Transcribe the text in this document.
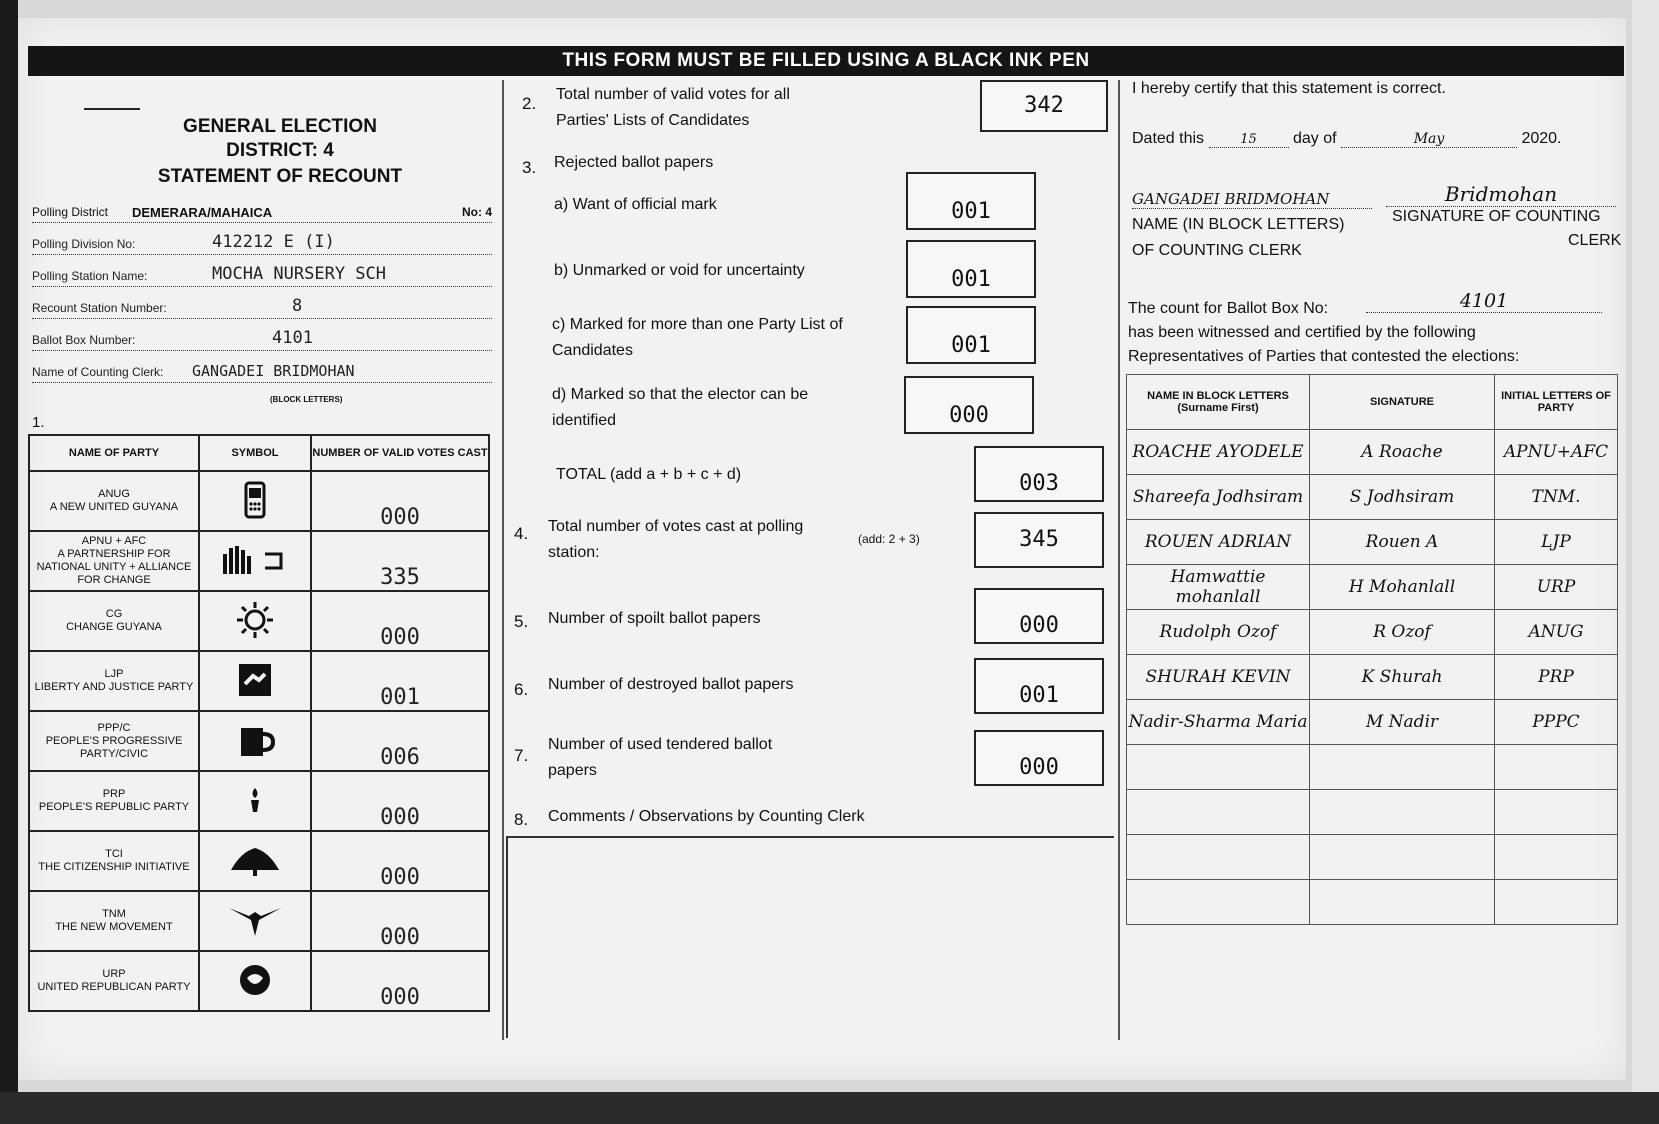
THIS FORM MUST BE FILLED USING A BLACK INK PEN
GENERAL ELECTION
DISTRICT: 4
STATEMENT OF RECOUNT
Polling District DEMERARA/MAHAICA	No: 4
Polling Division No:	412212 E (I)
Polling Station Name:	MOCHA NURSERY SCH
Recount Station Number:	8
Ballot Box Number:	4101
Name of Counting Clerk: GANGADEI BRIDMOHAN
(BLOCK LETTERS)
1.
NAME OF PARTY	SYMBOL	NUMBER OF VALID VOTES CAST

ANUG
A NEW UNITED GUYANA		000

APNU + AFC
A PARTNERSHIP FOR NATIONAL UNITY + ALLIANCE FOR CHANGE		335

CG
CHANGE GUYANA		000

LJP
LIBERTY AND JUSTICE PARTY		001

PPP/C
PEOPLE'S PROGRESSIVE PARTY/CIVIC		006

PRP
PEOPLE'S REPUBLIC PARTY		000

TCI
THE CITIZENSHIP INITIATIVE		000

TNM
THE NEW MOVEMENT		000

URP
UNITED REPUBLICAN PARTY		000
2. Total number of valid votes for all
Parties' Lists of Candidates
342
3. Rejected ballot papers
a) Want of official mark	001
b) Unmarked or void for uncertainty	001
c) Marked for more than one Party List of
Candidates	001
d) Marked so that the elector can be
identified	000
TOTAL (add a + b + c + d)	003
4. Total number of votes cast at polling
station:
(add: 2 + 3)	345
5. Number of spoilt ballot papers	000
6. Number of destroyed ballot papers	001
7.
Number of used tendered ballot
papers	000
8. Comments / Observations by Counting Clerk
I hereby certify that this statement is correct.
Dated this	15 day of	May	2020.
GANGADEI BRIDMOHAN	Bridmohan
NAME (IN BLOCK LETTERS)
OF COUNTING CLERK
SIGNATURE OF COUNTING
CLERK
The count for Ballot Box No:	4101
has been witnessed and certified by the following
Representatives of Parties that contested the elections:
NAME IN BLOCK LETTERS (Surname First)	SIGNATURE	INITIAL LETTERS OF PARTY
ROACHE AYODELE	A Roache	APNU+AFC
Shareefa Jodhsiram	S Jodhsiram	TNM.
ROUEN ADRIAN	Rouen A	LJP
Hamwattie mohanlall	H Mohanlall	URP
Rudolph Ozof	R Ozof	ANUG
SHURAH KEVIN	K Shurah	PRP
Nadir-Sharma Maria	M Nadir	PPPC
